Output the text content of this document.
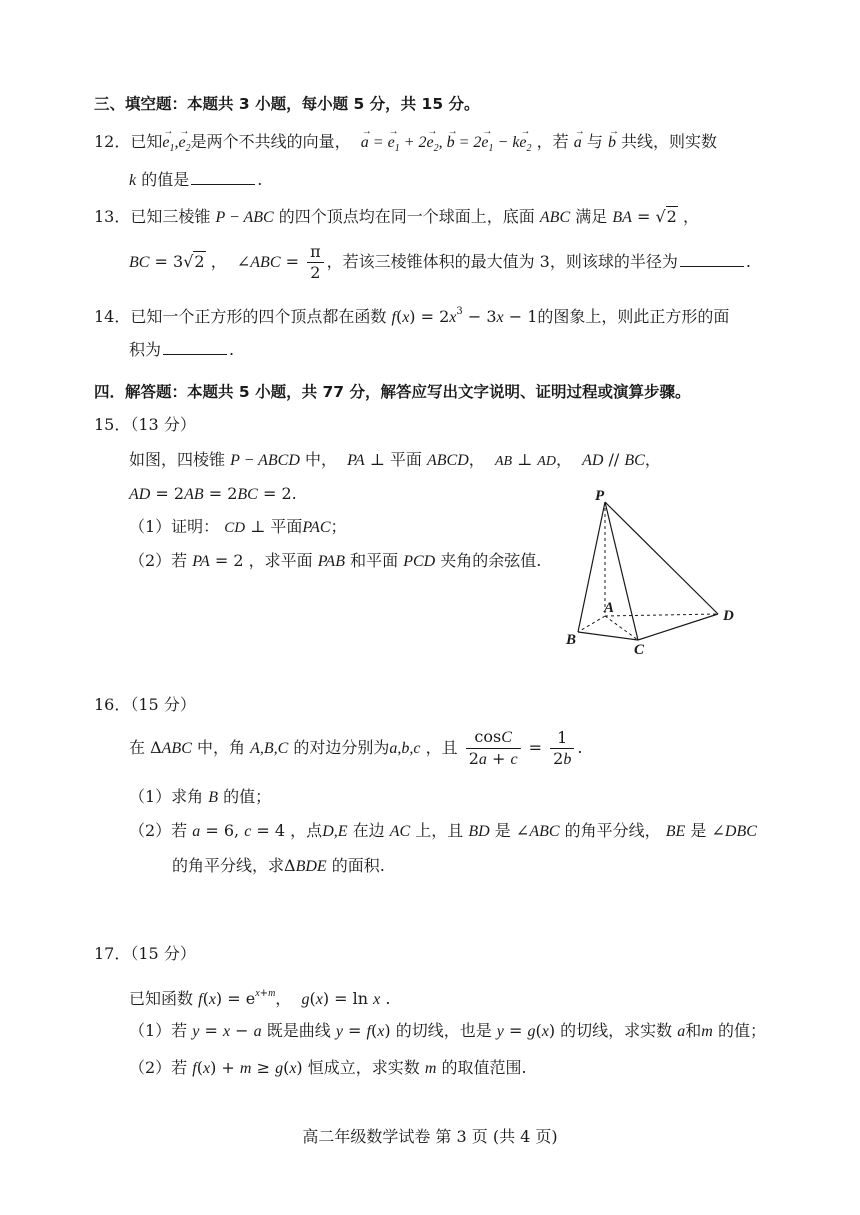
三、填空题：本题共 3 小题，每小题 5 分，共 15 分。
12．已知→ $e_1,\to e_2$是两个不共线的向量， → a = → $e_1 + 2\to e_2$, → $b = 2\to e_1 - k\to e_2$ ，若 → a 与 → b 共线，则实数
k 的值是	.
13．已知三棱锥 P − ABC 的四个顶点均在同一个球面上，底面 ABC 满足 BA = √2 ，
BC = 3√2 ，  ∠ABC = $\frac{\pi}{2}$ ，若该三棱锥体积的最大值为 3，则该球的半径为	.
14．已知一个正方形的四个顶点都在函数 $f(x) = 2x^3 - 3x - 1$的图象上，则此正方形的面
积为	.
四．解答题：本题共 5 小题，共 77 分，解答应写出文字说明、证明过程或演算步骤。
15．（13 分）
如图，四棱锥 P − ABCD 中， PA ⊥ 平面 ABCD， AB ⊥ AD， AD // BC，
AD = 2AB = 2BC = 2.
（1）证明： CD ⊥ 平面PAC；
（2）若 PA = 2 ，求平面 PAB 和平面 PCD 夹角的余弦值.
P
A
B
C
D
16．（15 分）
在 ΔABC 中，角 A,B,C 的对边分别为a,b,c ，且 $\frac{\cos C}{2a + c} = \frac{1}{2b}$ .
（1）求角 B 的值；
（2）若 a = 6, c = 4 ，点D,E 在边 AC 上，且 BD 是 ∠ABC 的角平分线， BE 是 ∠DBC
的角平分线，求ΔBDE 的面积.
17．（15 分）
已知函数 $f(x) = e^{x+m}$， g(x) = ln x .
（1）若 y = x − a 既是曲线 y = f(x) 的切线，也是 y = g(x) 的切线，求实数 a和m 的值；
（2）若 f(x) + m ≥ g(x) 恒成立，求实数 m 的取值范围.
高二年级数学试卷 第 3 页 (共 4 页)
